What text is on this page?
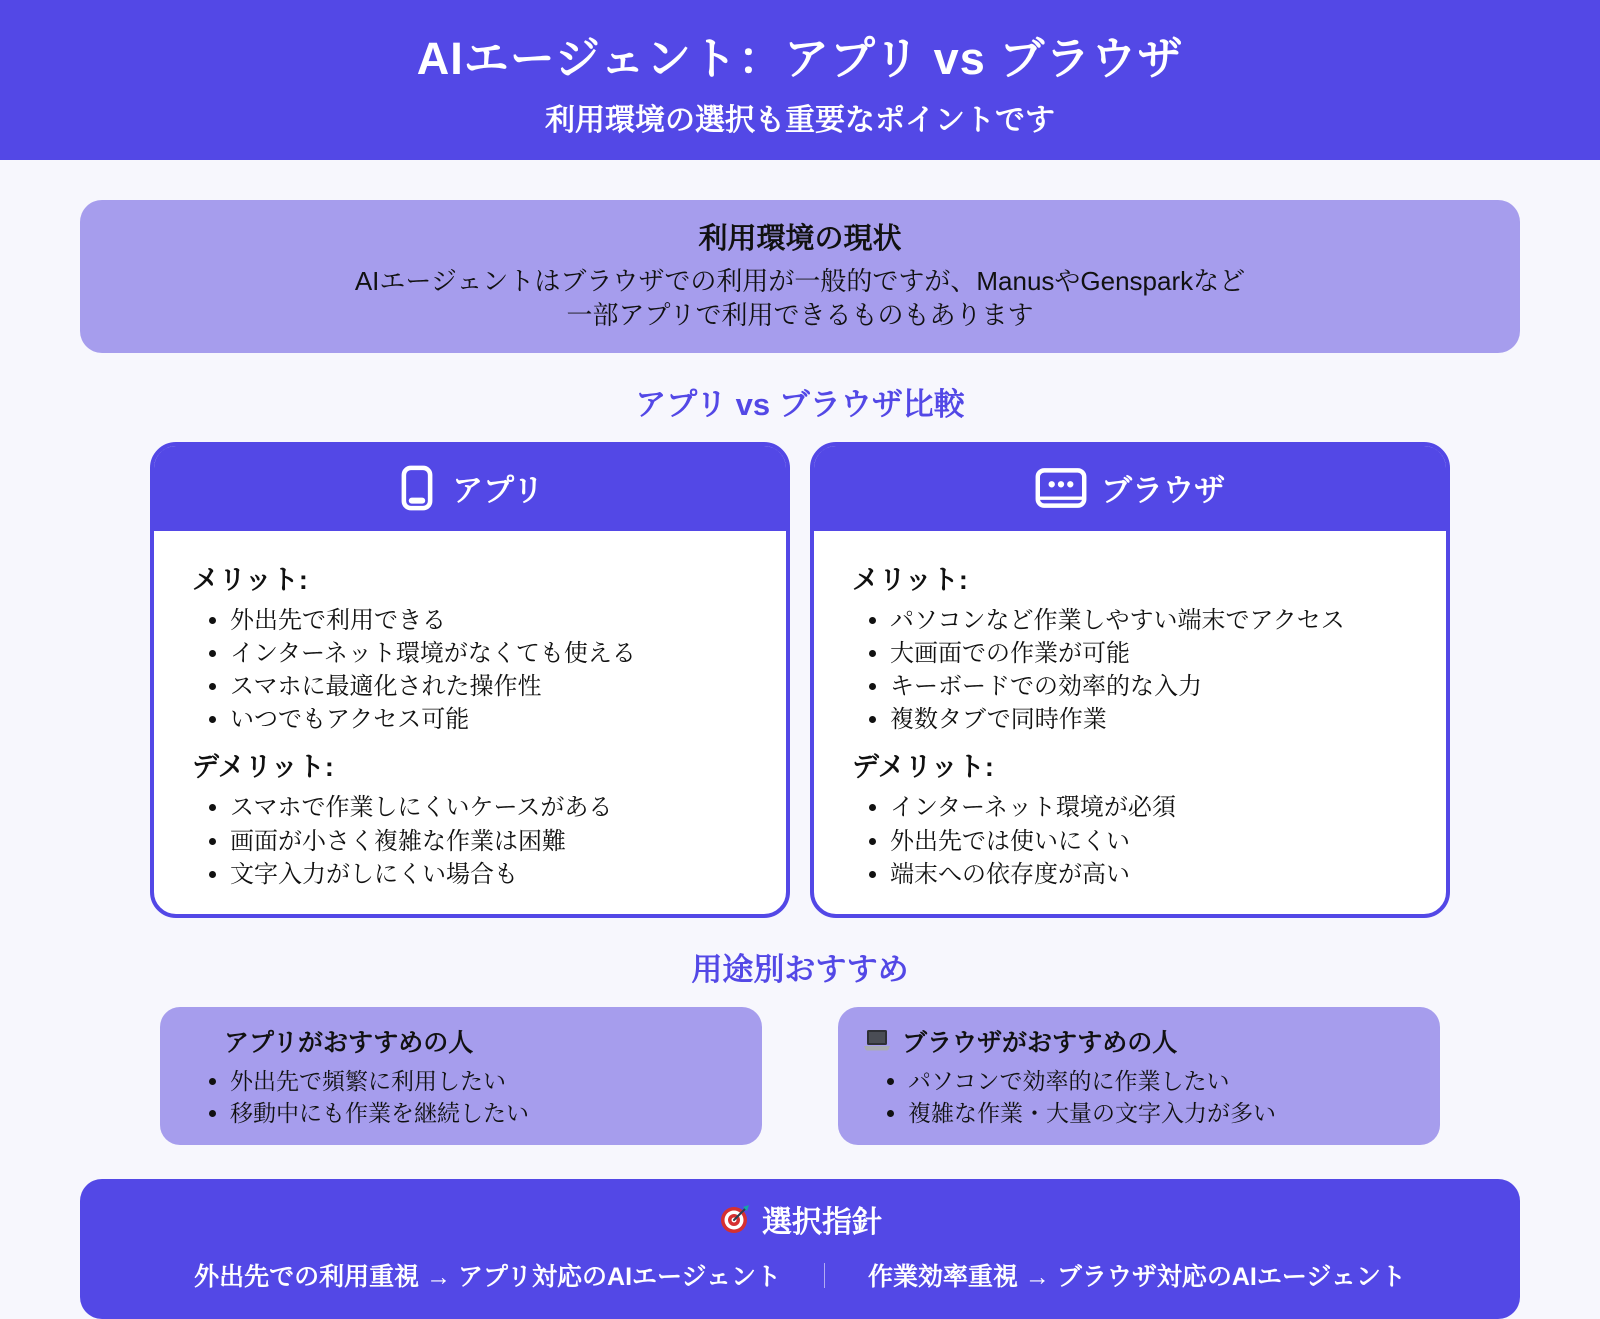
AIエージェント：アプリ vs ブラウザ
利用環境の選択も重要なポイントです
利用環境の現状
AIエージェントはブラウザでの利用が一般的ですが、ManusやGensparkなど
一部アプリで利用できるものもあります
アプリ vs ブラウザ比較
アプリ
メリット:
• 外出先で利用できる
• インターネット環境がなくても使える
• スマホに最適化された操作性
• いつでもアクセス可能
デメリット:
• スマホで作業しにくいケースがある
• 画面が小さく複雑な作業は困難
• 文字入力がしにくい場合も
ブラウザ
メリット:
• パソコンなど作業しやすい端末でアクセス
• 大画面での作業が可能
• キーボードでの効率的な入力
• 複数タブで同時作業
デメリット:
• インターネット環境が必須
• 外出先では使いにくい
• 端末への依存度が高い
用途別おすすめ
アプリがおすすめの人
• 外出先で頻繁に利用したい
• 移動中にも作業を継続したい
ブラウザがおすすめの人
• パソコンで効率的に作業したい
• 複雑な作業・大量の文字入力が多い
選択指針
外出先での利用重視 → アプリ対応のAIエージェント ｜ 作業効率重視 → ブラウザ対応のAIエージェント
